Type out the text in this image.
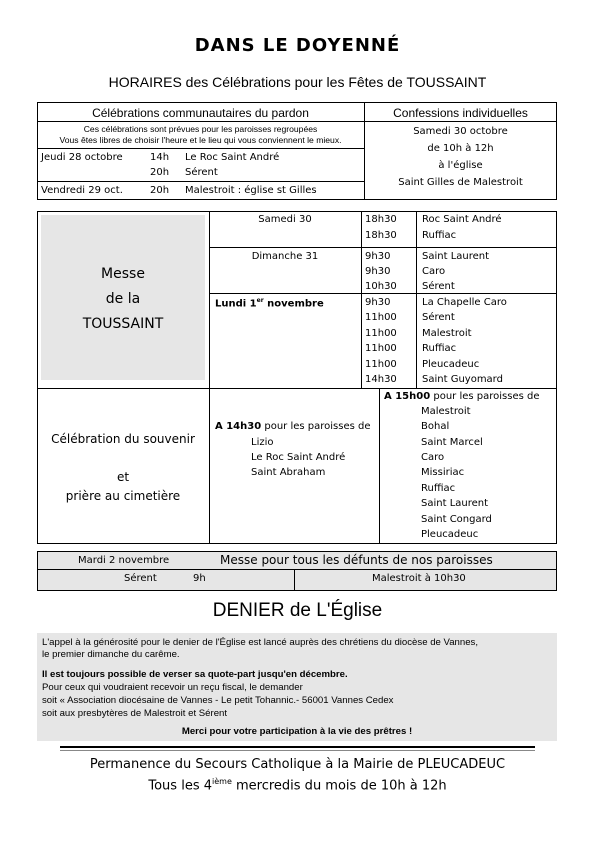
DANS LE DOYENNÉ
HORAIRES des Célébrations pour les Fêtes de TOUSSAINT
Célébrations communautaires du pardon	Confessions individuelles
Ces célébrations sont prévues pour les paroisses regroupées
Vous êtes libres de choisir l'heure et le lieu qui vous conviennent le mieux.
Jeudi 28 octobre	14h Le Roc Saint André
20h Sérent
Vendredi 29 oct.	20h Malestroit : église st Gilles
Samedi 30 octobre
de 10h à 12h
à l'église
Saint Gilles de Malestroit
Messe
de la
TOUSSAINT
Samedi 30	18h30	Roc Saint André
18h30	Ruffiac
Dimanche 31	9h30	Saint Laurent
9h30	Caro
10h30	Sérent
Lundi 1er novembre	9h30	La Chapelle Caro
11h00	Sérent
11h00	Malestroit
11h00	Ruffiac
11h00	Pleucadeuc
14h30	Saint Guyomard
Célébration du souvenir
et
prière au cimetière
A 14h30 pour les paroisses de
Lizio
Le Roc Saint André
Saint Abraham
A 15h00 pour les paroisses de
Malestroit
Bohal
Saint Marcel
Caro
Missiriac
Ruffiac
Saint Laurent
Saint Congard
Pleucadeuc
Mardi 2 novembre	Messe pour tous les défunts de nos paroisses
Sérent	9h	Malestroit à 10h30
DENIER de L'Église
L'appel à la générosité pour le denier de l'Église est lancé auprès des chrétiens du diocèse de Vannes,
le premier dimanche du carême.
Il est toujours possible de verser sa quote-part jusqu'en décembre.
Pour ceux qui voudraient recevoir un reçu fiscal, le demander
soit « Association diocésaine de Vannes - Le petit Tohannic.- 56001 Vannes Cedex
soit aux presbytères de Malestroit et Sérent
Merci pour votre participation à la vie des prêtres !
Permanence du Secours Catholique à la Mairie de PLEUCADEUC
Tous les 4ième mercredis du mois de 10h à 12h
